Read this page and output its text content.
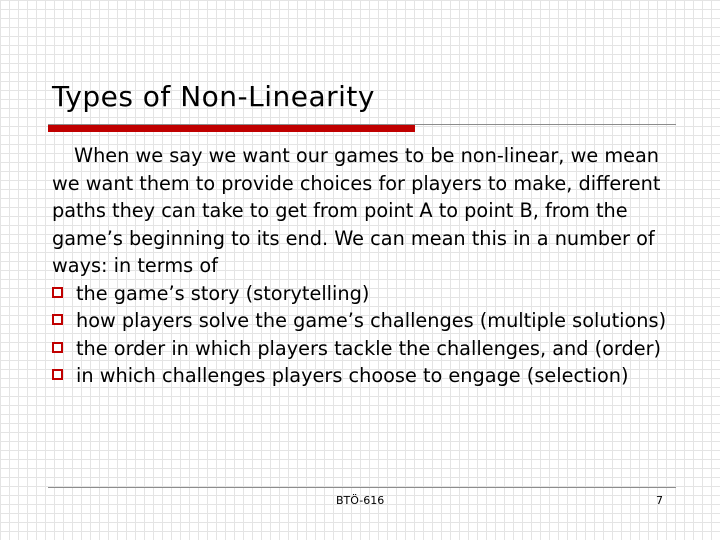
Types of Non-Linearity

When we say we want our games to be non-linear, we mean we want them to provide choices for players to make, different paths they can take to get from point A to point B, from the game’s beginning to its end. We can mean this in a number of ways: in terms of

the game’s story (storytelling)

how players solve the game’s challenges (multiple solutions)

the order in which players tackle the challenges, and (order)

in which challenges players choose to engage (selection)

BTÖ-616	7
